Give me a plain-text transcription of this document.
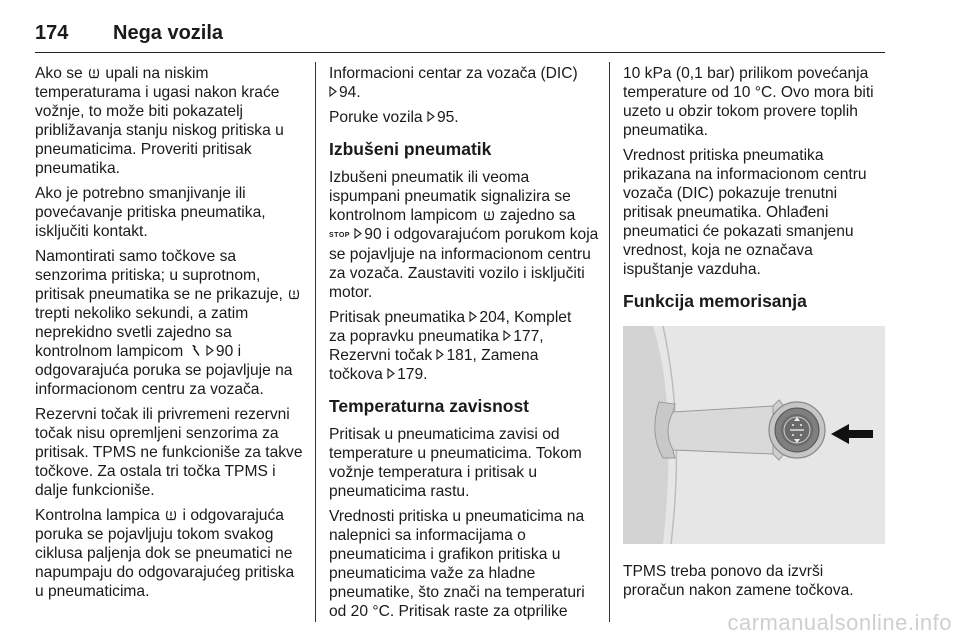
174 Nega vozila

Ako se upali na niskim temperaturama i ugasi nakon kraće vožnje, to može biti pokazatelj približavanja stanju niskog pritiska u pneumaticima. Proveriti pritisak pneumatika.

Ako je potrebno smanjivanje ili povećavanje pritiska pneumatika, isključiti kontakt.

Namontirati samo točkove sa senzorima pritiska; u suprotnom, pritisak pneumatika se ne prikazuje,  trepti nekoliko sekundi, a zatim neprekidno svetli zajedno sa kontrolnom lampicom 90 i
odgovarajuća poruka se pojavljuje na
informacionom centru za vozača.

Rezervni točak ili privremeni rezervni
točak nisu opremljeni senzorima za pritisak. TPMS ne funkcioniše za takve točkove. Za ostala tri točka TPMS i dalje funkcioniše.

Kontrolna lampica i odgovarajuća poruka se pojavljuju tokom svakog
ciklusa paljenja dok se pneumatici ne
napumpaju do odgovarajućeg pritiska
u pneumaticima.

Informacioni centar za vozača (DIC)
94.

Poruke vozila 95.

Izbušeni pneumatik

Izbušeni pneumatik ili veoma ispumpani pneumatik signalizira se kontrolnom lampicom zajedno sa
STOP 90 i odgovarajućom porukom koja se pojavljuje na informacionom centru za vozača. Zaustaviti vozilo i isključiti motor.

Pritisak pneumatika 204, Komplet
za popravku pneumatika 177,
Rezervni točak 181, Zamena
točkova 179.

Temperaturna zavisnost

Pritisak u pneumaticima zavisi od
temperature u pneumaticima. Tokom
vožnje temperatura i pritisak u pneumaticima rastu.

Vrednosti pritiska u pneumaticima na
nalepnici sa informacijama o pneumaticima i grafikon pritiska u pneumaticima važe za hladne
pneumatike, što znači na temperaturi
od 20 °C. Pritisak raste za otprilike

10 kPa (0,1 bar) prilikom povećanja
temperature od 10 °C. Ovo mora biti
uzeto u obzir tokom provere toplih pneumatika.

Vrednost pritiska pneumatika prikazana na informacionom centru vozača (DIC) pokazuje trenutni pritisak pneumatika. Ohlađeni pneumatici će pokazati smanjenu vrednost, koja ne označava ispuštanje vazduha.

Funkcija memorisanja

TPMS treba ponovo da izvrši proračun nakon zamene točkova.

carmanualsonline.info
